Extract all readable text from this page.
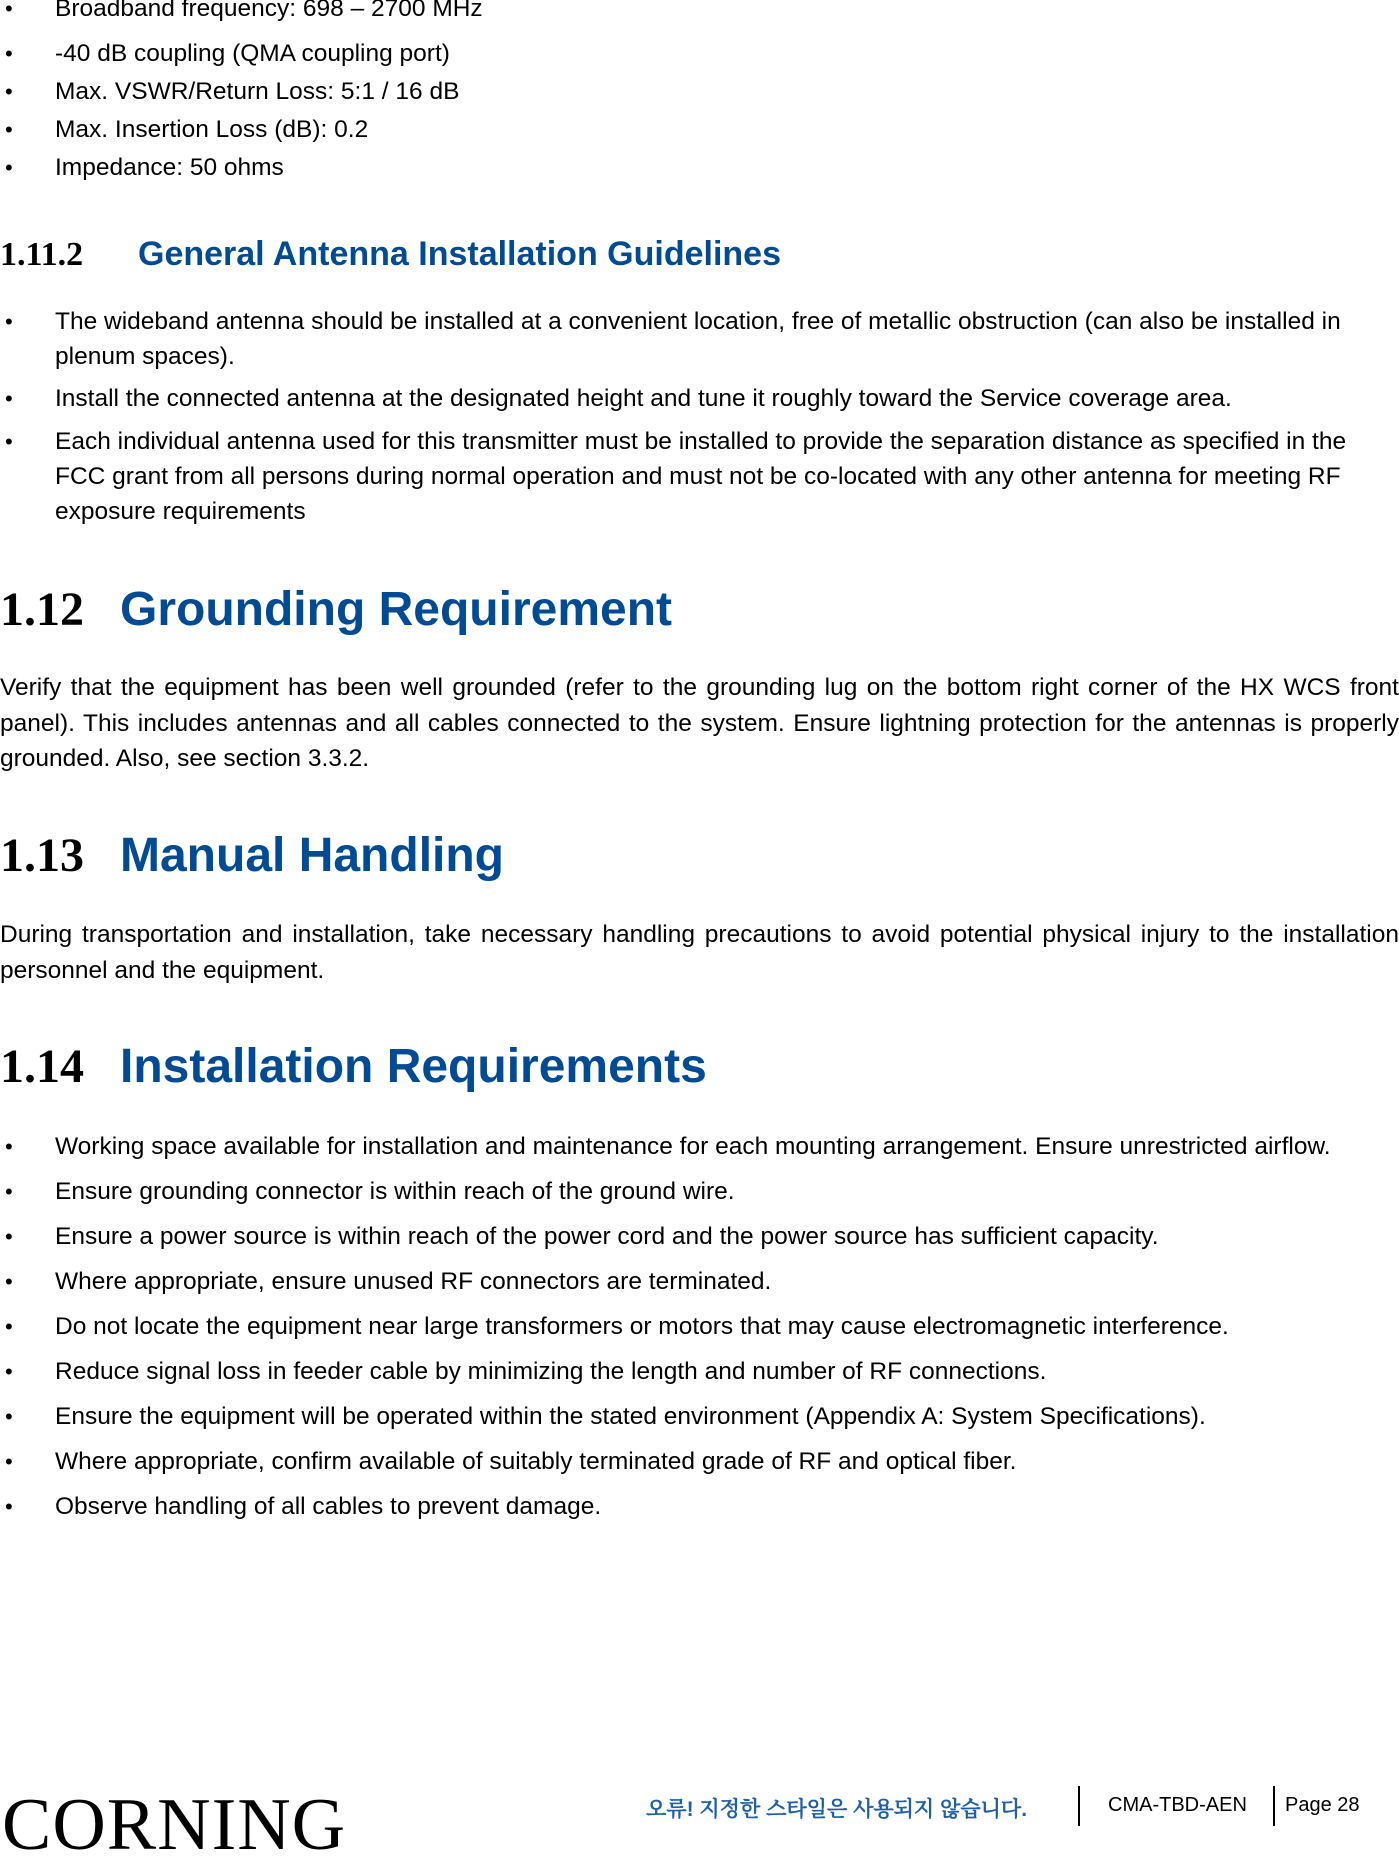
• Broadband frequency: 698 – 2700 MHz
• -40 dB coupling (QMA coupling port)
• Max. VSWR/Return Loss: 5:1 / 16 dB
• Max. Insertion Loss (dB): 0.2
• Impedance: 50 ohms
1.11.2 General Antenna Installation Guidelines
• The wideband antenna should be installed at a convenient location, free of metallic obstruction (can also be installed in plenum spaces).
• Install the connected antenna at the designated height and tune it roughly toward the Service coverage area.
• Each individual antenna used for this transmitter must be installed to provide the separation distance as specified in the FCC grant from all persons during normal operation and must not be co-located with any other antenna for meeting RF exposure requirements
1.12 Grounding Requirement

Verify that the equipment has been well grounded (refer to the grounding lug on the bottom right corner of the HX WCS front panel). This includes antennas and all cables connected to the system. Ensure lightning protection for the antennas is properly grounded. Also, see section 3.3.2.

1.13 Manual Handling

During transportation and installation, take necessary handling precautions to avoid potential physical injury to the installation personnel and the equipment.

1.14 Installation Requirements
• Working space available for installation and maintenance for each mounting arrangement. Ensure unrestricted airflow.
• Ensure grounding connector is within reach of the ground wire.
• Ensure a power source is within reach of the power cord and the power source has sufficient capacity.
• Where appropriate, ensure unused RF connectors are terminated.
• Do not locate the equipment near large transformers or motors that may cause electromagnetic interference.
• Reduce signal loss in feeder cable by minimizing the length and number of RF connections.
• Ensure the equipment will be operated within the stated environment (Appendix A: System Specifications).
• Where appropriate, confirm available of suitably terminated grade of RF and optical fiber.
• Observe handling of all cables to prevent damage.
CORNING	오류! 지정한 스타일은 사용되지 않습니다.	CMA-TBD-AEN Page 28
